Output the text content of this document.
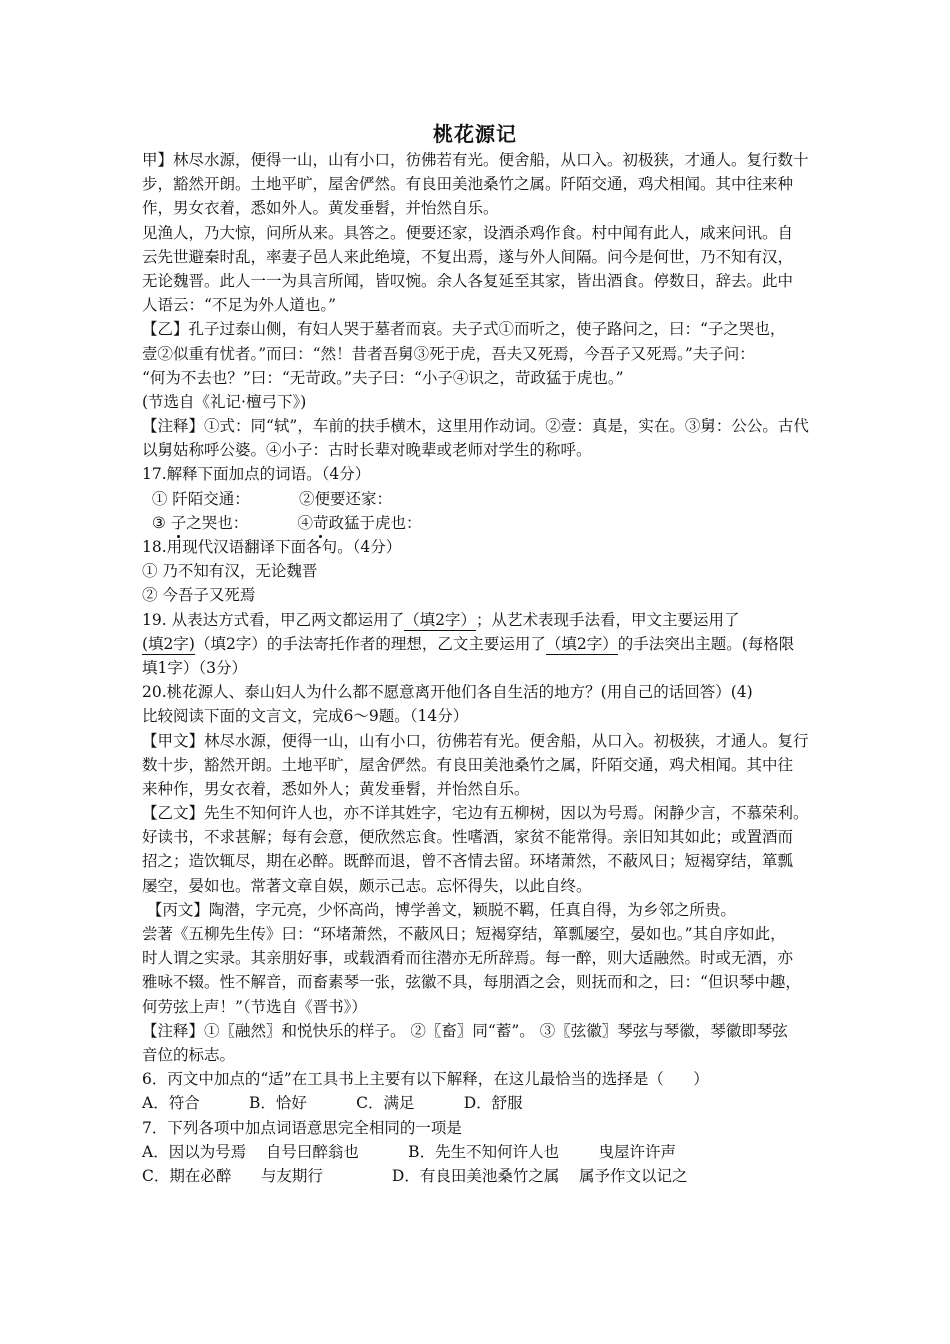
桃花源记
甲】林尽水源，便得一山，山有小口，彷佛若有光。便舍船，从口入。初极狭，才通人。复行数十
步，豁然开朗。土地平旷，屋舍俨然。有良田美池桑竹之属。阡陌交通，鸡犬相闻。其中往来种
作，男女衣着，悉如外人。黄发垂髫，并怡然自乐。
见渔人，乃大惊，问所从来。具答之。便要还家，设酒杀鸡作食。村中闻有此人，咸来问讯。自
云先世避秦时乱，率妻子邑人来此绝境，不复出焉，遂与外人间隔。问今是何世，乃不知有汉，
无论魏晋。此人一一为具言所闻，皆叹惋。余人各复延至其家，皆出酒食。停数日，辞去。此中
人语云：“不足为外人道也。”
【乙】孔子过泰山侧，有妇人哭于墓者而哀。夫子式①而听之，使子路问之，曰：“子之哭也，
壹②似重有忧者。”而曰：“然！昔者吾舅③死于虎，吾夫又死焉，今吾子又死焉。”夫子问：
“何为不去也？”曰：“无苛政。”夫子曰：“小子④识之，苛政猛于虎也。”
(节选自《礼记·檀弓下》)
【注释】①式：同“轼”，车前的扶手横木，这里用作动词。②壹：真是，实在。③舅：公公。古代
以舅姑称呼公婆。④小子：古时长辈对晚辈或老师对学生的称呼。
17.解释下面加点的词语。（4分）
① 阡陌交通：          ②便要还家：
③ 子之哭也：          ④苛政猛于虎也：
18.用现代汉语翻译下面各句。（4分）
① 乃不知有汉，无论魏晋
② 今吾子又死焉
19. 从表达方式看，甲乙两文都运用了（填2字）；从艺术表现手法看，甲文主要运用了
(填2字)（填2字）的手法寄托作者的理想，乙文主要运用了（填2字）的手法突出主题。(每格限
填1字）（3分）
20.桃花源人、泰山妇人为什么都不愿意离开他们各自生活的地方？(用自己的话回答）(4)
比较阅读下面的文言文，完成6～9题。（14分）
【甲文】林尽水源，便得一山，山有小口，彷佛若有光。便舍船，从口入。初极狭，才通人。复行
数十步，豁然开朗。土地平旷，屋舍俨然。有良田美池桑竹之属，阡陌交通，鸡犬相闻。其中往
来种作，男女衣着，悉如外人；黄发垂髫，并怡然自乐。
【乙文】先生不知何许人也，亦不详其姓字，宅边有五柳树，因以为号焉。闲静少言，不慕荣利。
好读书，不求甚解；每有会意，便欣然忘食。性嗜酒，家贫不能常得。亲旧知其如此；或置酒而
招之；造饮辄尽，期在必醉。既醉而退，曾不吝情去留。环堵萧然，不蔽风日；短褐穿结，箪瓢
屡空，晏如也。常著文章自娱，颇示己志。忘怀得失，以此自终。
【丙文】陶潜，字元亮，少怀高尚，博学善文，颖脱不羁，任真自得，为乡邻之所贵。
尝著《五柳先生传》曰：“环堵萧然，不蔽风日；短褐穿结，箪瓢屡空，晏如也。”其自序如此，
时人谓之实录。其亲朋好事，或载酒肴而往潜亦无所辞焉。每一醉，则大适融然。时或无酒，亦
雅咏不辍。性不解音，而畜素琴一张，弦徽不具，每朋酒之会，则抚而和之，曰：“但识琴中趣，
何劳弦上声！”（节选自《晋书》）
【注释】①〖融然〗和悦快乐的样子。 ②〖畜〗同“蓄”。 ③〖弦徽〗琴弦与琴徽，琴徽即琴弦
音位的标志。
6．丙文中加点的“适”在工具书上主要有以下解释，在这儿最恰当的选择是（      ）
A．符合          B．恰好          C．满足          D．舒服
7．下列各项中加点词语意思完全相同的一项是
A．因以为号焉    自号曰醉翁也          B．先生不知何许人也        曳屋许许声
C．期在必醉      与友期行              D．有良田美池桑竹之属    属予作文以记之
